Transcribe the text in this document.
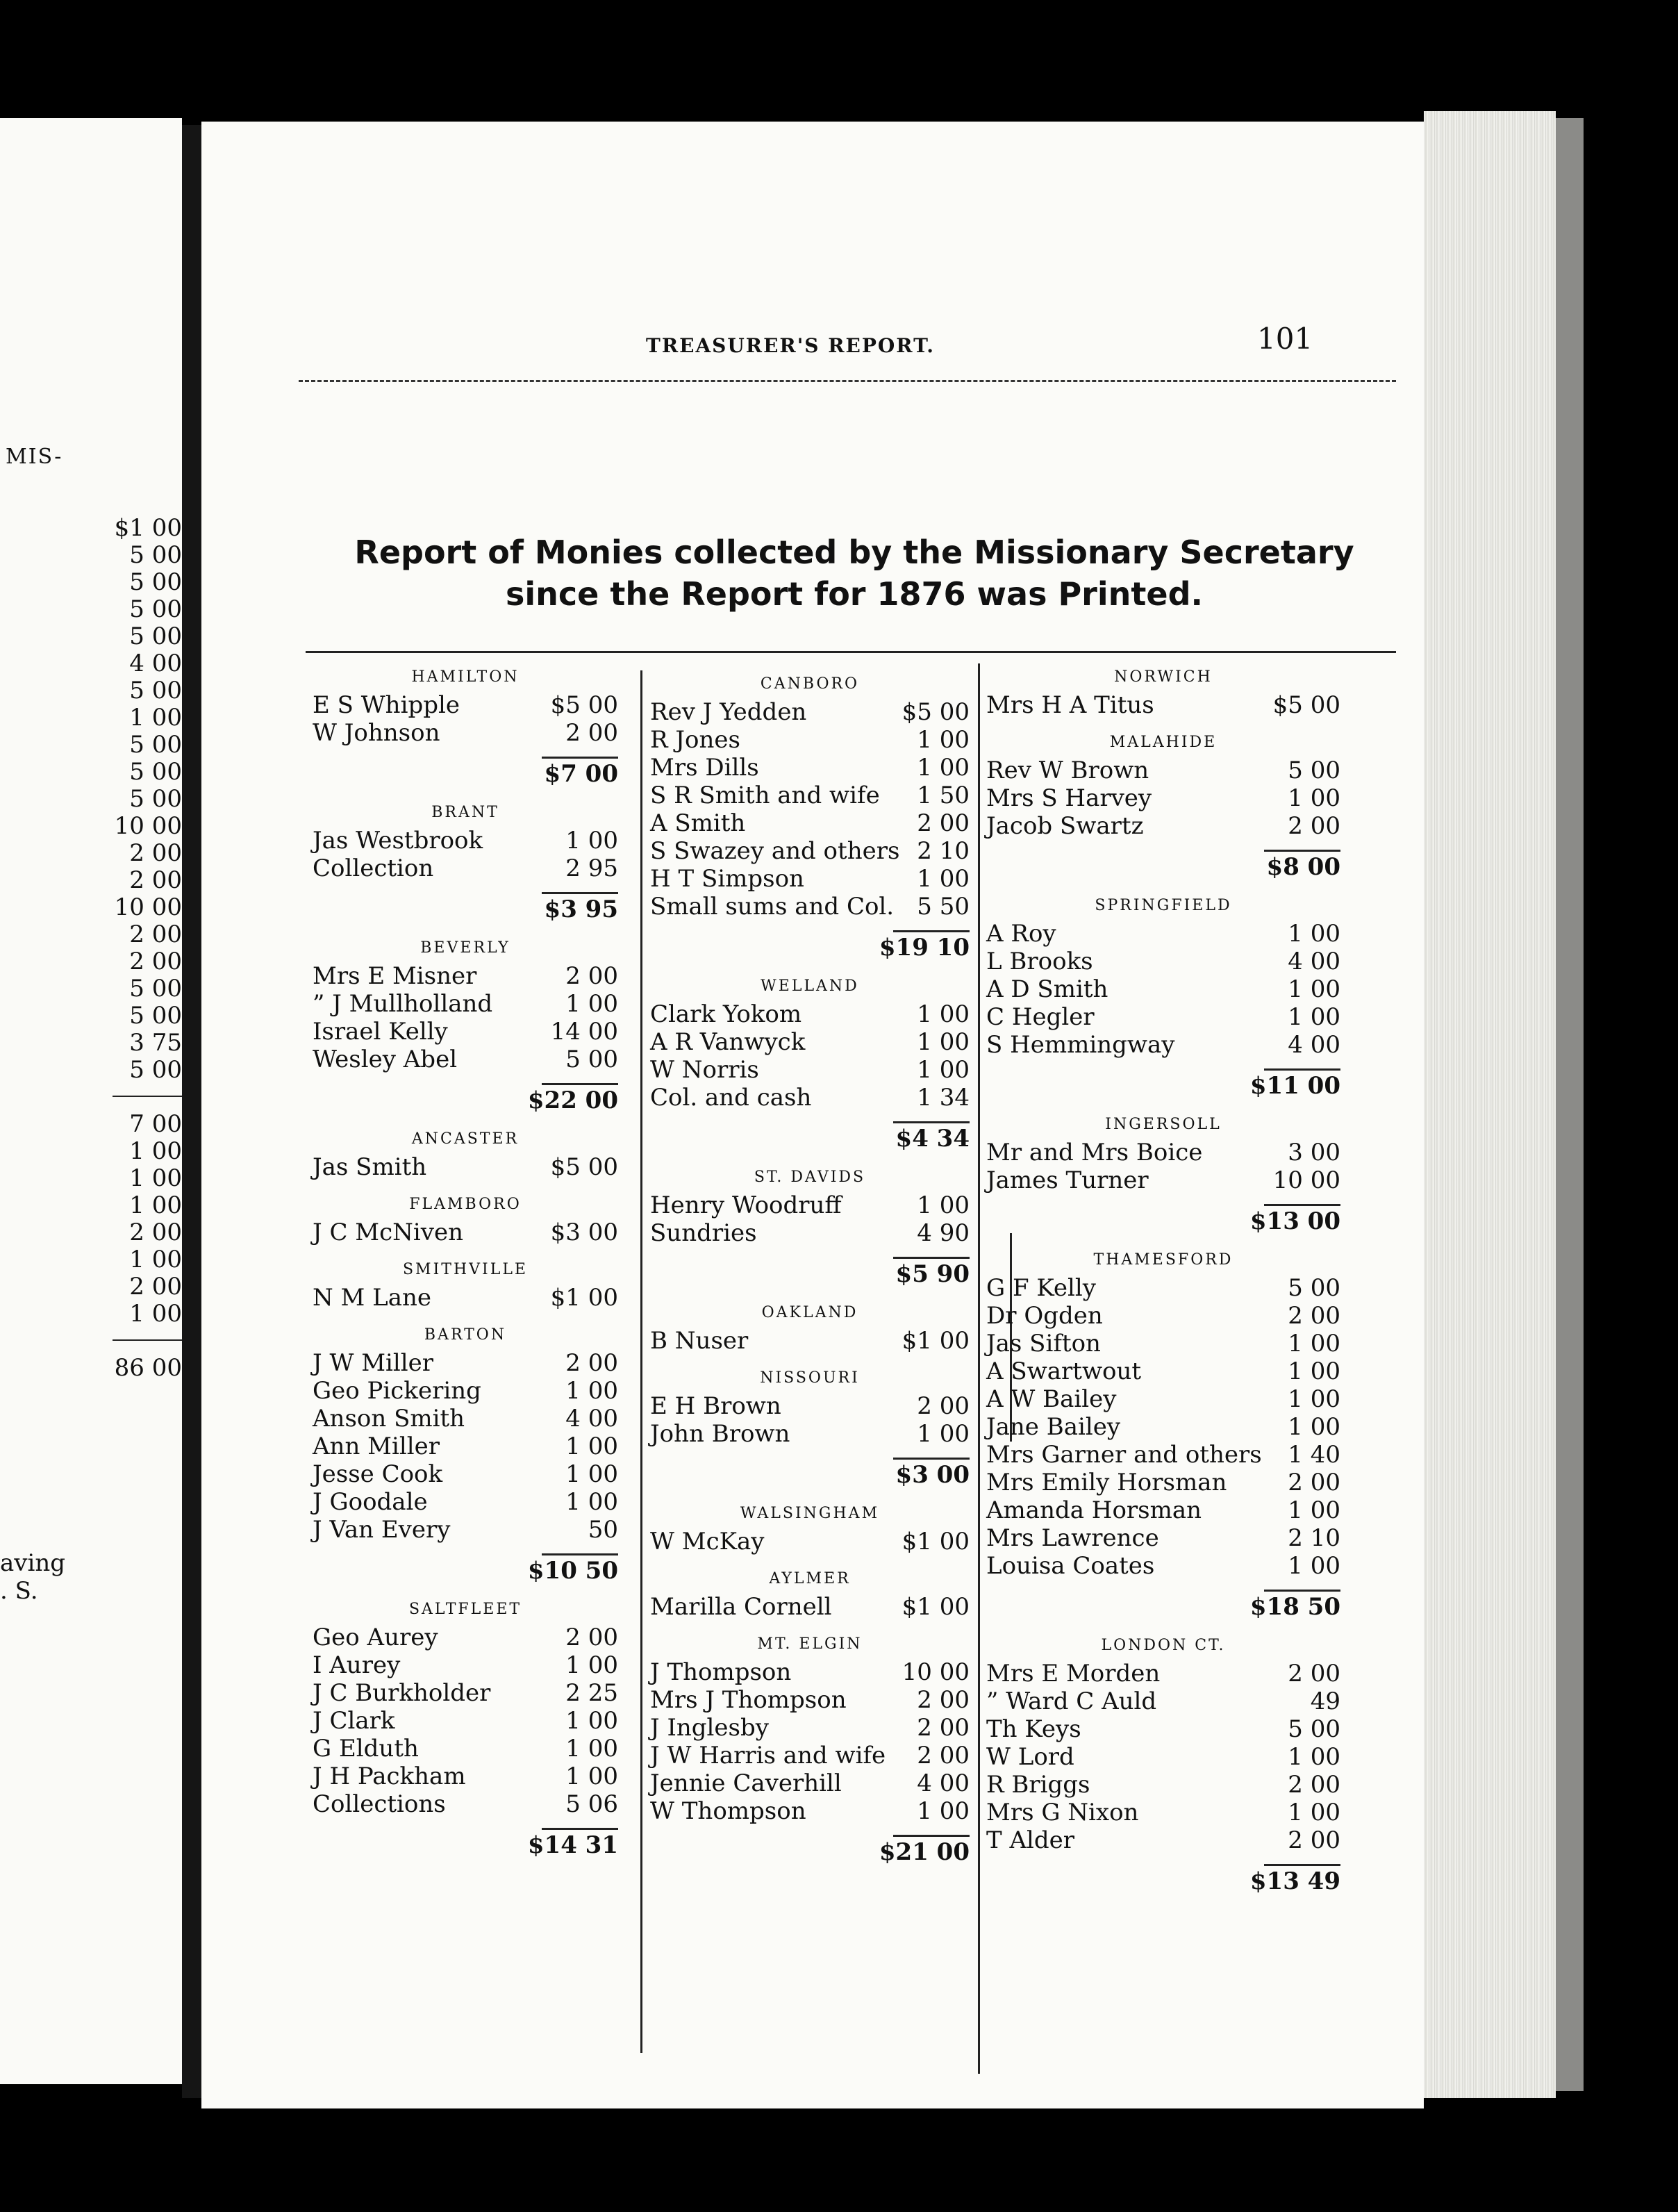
MIS-
$1 00
5 00
5 00
5 00
5 00
4 00
5 00
1 00
5 00
5 00
5 00
10 00
2 00
2 00
10 00
2 00
2 00
5 00
5 00
3 75
5 00
7 00
1 00
1 00
1 00
2 00
1 00
2 00
1 00
86 00
aving
. S.
TREASURER'S REPORT.	101
Report of Monies collected by the Missionary Secretary
since the Report for 1876 was Printed.
HAMILTON
E S Whipple	$5 00
W Johnson	2 00
$7 00
BRANT
Jas Westbrook	1 00
Collection	2 95
$3 95
BEVERLY
Mrs E Misner	2 00
” J Mullholland	1 00
Israel Kelly	14 00
Wesley Abel	5 00
$22 00
ANCASTER
Jas Smith	$5 00
FLAMBORO
J C McNiven	$3 00
SMITHVILLE
N M Lane	$1 00
BARTON
J W Miller	2 00
Geo Pickering	1 00
Anson Smith	4 00
Ann Miller	1 00
Jesse Cook	1 00
J Goodale	1 00
J Van Every	50
$10 50
SALTFLEET
Geo Aurey	2 00
I Aurey	1 00
J C Burkholder	2 25
J Clark	1 00
G Elduth	1 00
J H Packham	1 00
Collections	5 06
$14 31
CANBORO
Rev J Yedden	$5 00
R Jones	1 00
Mrs Dills	1 00
S R Smith and wife 1 50
A Smith	2 00
S Swazey and others 2 10
H T Simpson	1 00
Small sums and Col. 5 50
$19 10
WELLAND
Clark Yokom	1 00
A R Vanwyck	1 00
W Norris	1 00
Col. and cash	1 34
$4 34
ST. DAVIDS
Henry Woodruff	1 00
Sundries	4 90
$5 90
OAKLAND
B Nuser	$1 00
NISSOURI
E H Brown	2 00
John Brown	1 00
$3 00
WALSINGHAM
W McKay	$1 00
AYLMER
Marilla Cornell	$1 00
MT. ELGIN
J Thompson	10 00
Mrs J Thompson	2 00
J Inglesby	2 00
J W Harris and wife 2 00
Jennie Caverhill	4 00
W Thompson	1 00
$21 00
NORWICH
Mrs H A Titus	$5 00
MALAHIDE
Rev W Brown	5 00
Mrs S Harvey	1 00
Jacob Swartz	2 00
$8 00
SPRINGFIELD
A Roy	1 00
L Brooks	4 00
A D Smith	1 00
C Hegler	1 00
S Hemmingway	4 00
$11 00
INGERSOLL
Mr and Mrs Boice	3 00
James Turner	10 00
$13 00
THAMESFORD
G F Kelly	5 00
Dr Ogden	2 00
Jas Sifton	1 00
A Swartwout	1 00
A W Bailey	1 00
Jane Bailey	1 00
Mrs Garner and others 1 40
Mrs Emily Horsman	2 00
Amanda Horsman	1 00
Mrs Lawrence	2 10
Louisa Coates	1 00
$18 50
LONDON CT.
Mrs E Morden	2 00
” Ward C Auld	49
Th Keys	5 00
W Lord	1 00
R Briggs	2 00
Mrs G Nixon	1 00
T Alder	2 00
$13 49
